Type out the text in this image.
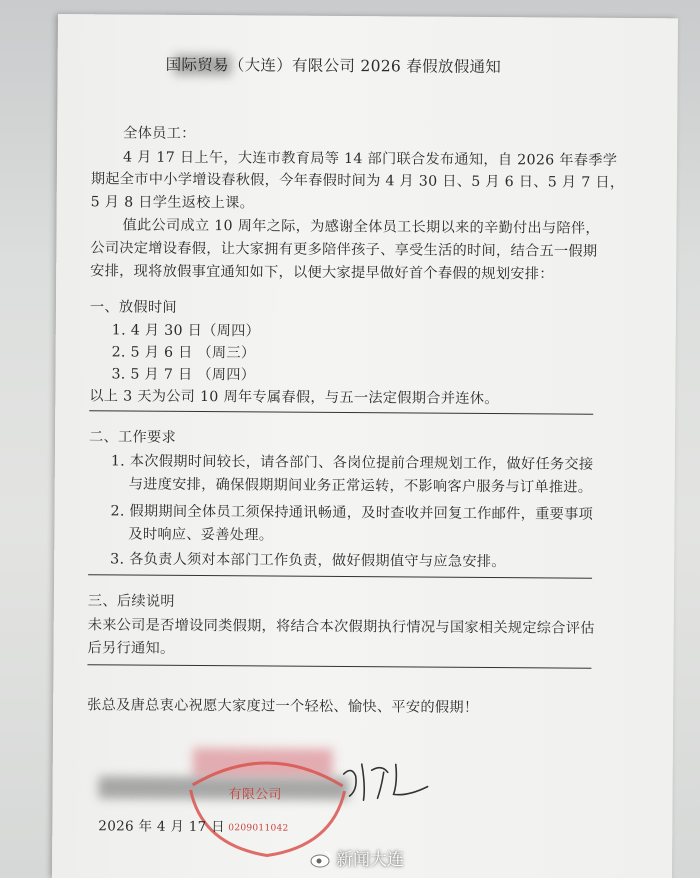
国际贸易（大连）有限公司 2026 春假放假通知
全体员工：
4 月 17 日上午，大连市教育局等 14 部门联合发布通知，自 2026 年春季学
期起全市中小学增设春秋假，今年春假时间为 4 月 30 日、5 月 6 日、5 月 7 日，
5 月 8 日学生返校上课。
值此公司成立 10 周年之际，为感谢全体员工长期以来的辛勤付出与陪伴，
公司决定增设春假，让大家拥有更多陪伴孩子、享受生活的时间，结合五一假期
安排，现将放假事宜通知如下，以便大家提早做好首个春假的规划安排：
一、放假时间
1. 4 月 30 日（周四）
2. 5 月 6 日 （周三）
3. 5 月 7 日 （周四）
以上 3 天为公司 10 周年专属春假，与五一法定假期合并连休。
二、工作要求
1. 本次假期时间较长，请各部门、各岗位提前合理规划工作，做好任务交接
与进度安排，确保假期期间业务正常运转，不影响客户服务与订单推进。
2. 假期期间全体员工须保持通讯畅通，及时查收并回复工作邮件，重要事项
及时响应、妥善处理。
3. 各负责人须对本部门工作负责，做好假期值守与应急安排。
三、后续说明
未来公司是否增设同类假期，将结合本次假期执行情况与国家相关规定综合评估
后另行通知。
张总及唐总衷心祝愿大家度过一个轻松、愉快、平安的假期！
有限公司
0209011042
2026 年 4 月 17 日
新闻大连
